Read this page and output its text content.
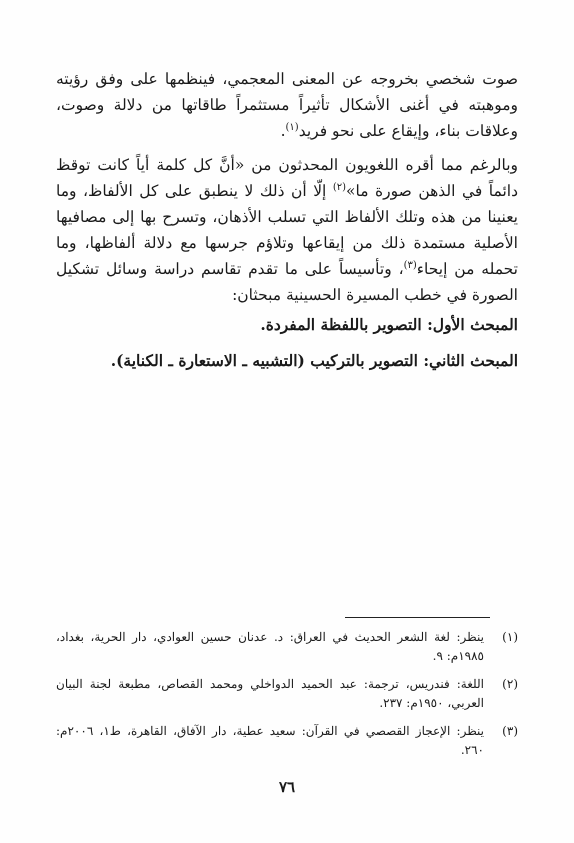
صوت شخصي بخروجه عن المعنى المعجمي، فينظمها على وفق رؤيته وموهبته في أغنى الأشكال تأثيراً مستثمراً طاقاتها من دلالة وصوت، وعلاقات بناء، وإيقاع على نحو فريد$^{(١)}$.

وبالرغم مما أقره اللغويون المحدثون من «أنَّ كل كلمة أياً كانت توقظ دائماً في الذهن صورة ما»$^{(٢)}$ إلّا أن ذلك لا ينطبق على كل الألفاظ، وما يعنينا من هذه وتلك الألفاظ التي تسلب الأذهان، وتسرح بها إلى مصافيها الأصلية مستمدة ذلك من إيقاعها وتلاؤم جرسها مع دلالة ألفاظها، وما تحمله من إيحاء$^{(٣)}$، وتأسيساً على ما تقدم تقاسم دراسة وسائل تشكيل الصورة في خطب المسيرة الحسينية مبحثان:

المبحث الأول: التصوير باللفظة المفردة.

المبحث الثاني: التصوير بالتركيب (التشبيه ـ الاستعارة ـ الكناية).

(١)
ينظر: لغة الشعر الحديث في العراق: د. عدنان حسين العوادي، دار الحرية، بغداد، ١٩٨٥م: ٩.
(٢)
اللغة: فندريس، ترجمة: عبد الحميد الدواخلي ومحمد القصاص، مطبعة لجنة البيان العربي، ١٩٥٠م: ٢٣٧.
(٣)
ينظر: الإعجاز القصصي في القرآن: سعيد عطية، دار الآفاق، القاهرة، ط١، ٢٠٠٦م: ٢٦٠.
٧٦
